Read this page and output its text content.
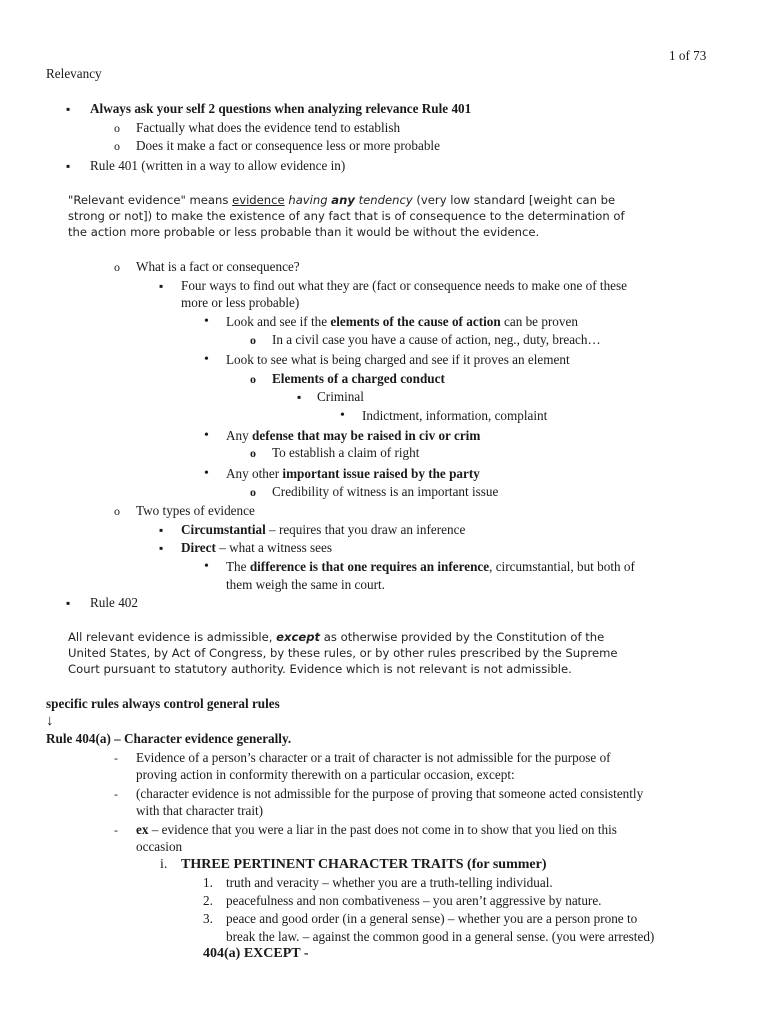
1 of 73
Relevancy
▪
Always ask your self 2 questions when analyzing relevance Rule 401
o
Factually what does the evidence tend to establish
o
Does it make a fact or consequence less or more probable
▪
Rule 401 (written in a way to allow evidence in)
"Relevant evidence" means evidence having any tendency (very low standard [weight can be
strong or not]) to make the existence of any fact that is of consequence to the determination of
the action more probable or less probable than it would be without the evidence.
o
What is a fact or consequence?
▪
Four ways to find out what they are (fact or consequence needs to make one of these
more or less probable)
•
Look and see if the elements of the cause of action can be proven
o
In a civil case you have a cause of action, neg., duty, breach…
•
Look to see what is being charged and see if it proves an element
o
Elements of a charged conduct
▪
Criminal
•
Indictment, information, complaint
•
Any defense that may be raised in civ or crim
o
To establish a claim of right
•
Any other important issue raised by the party
o
Credibility of witness is an important issue
o
Two types of evidence
▪
Circumstantial – requires that you draw an inference
▪
Direct – what a witness sees
•
The difference is that one requires an inference, circumstantial, but both of
them weigh the same in court.
▪
Rule 402
All relevant evidence is admissible, except as otherwise provided by the Constitution of the
United States, by Act of Congress, by these rules, or by other rules prescribed by the Supreme
Court pursuant to statutory authority. Evidence which is not relevant is not admissible.
specific rules always control general rules
↓
Rule 404(a) – Character evidence generally.
-
Evidence of a person’s character or a trait of character is not admissible for the purpose of
proving action in conformity therewith on a particular occasion, except:
-
(character evidence is not admissible for the purpose of proving that someone acted consistently
with that character trait)
-
ex – evidence that you were a liar in the past does not come in to show that you lied on this
occasion
i. THREE PERTINENT CHARACTER TRAITS (for summer)
1. truth and veracity – whether you are a truth-telling individual.
2. peacefulness and non combativeness – you aren’t aggressive by nature.
3. peace and good order (in a general sense) – whether you are a person prone to
break the law. – against the common good in a general sense. (you were arrested)
404(a) EXCEPT -
